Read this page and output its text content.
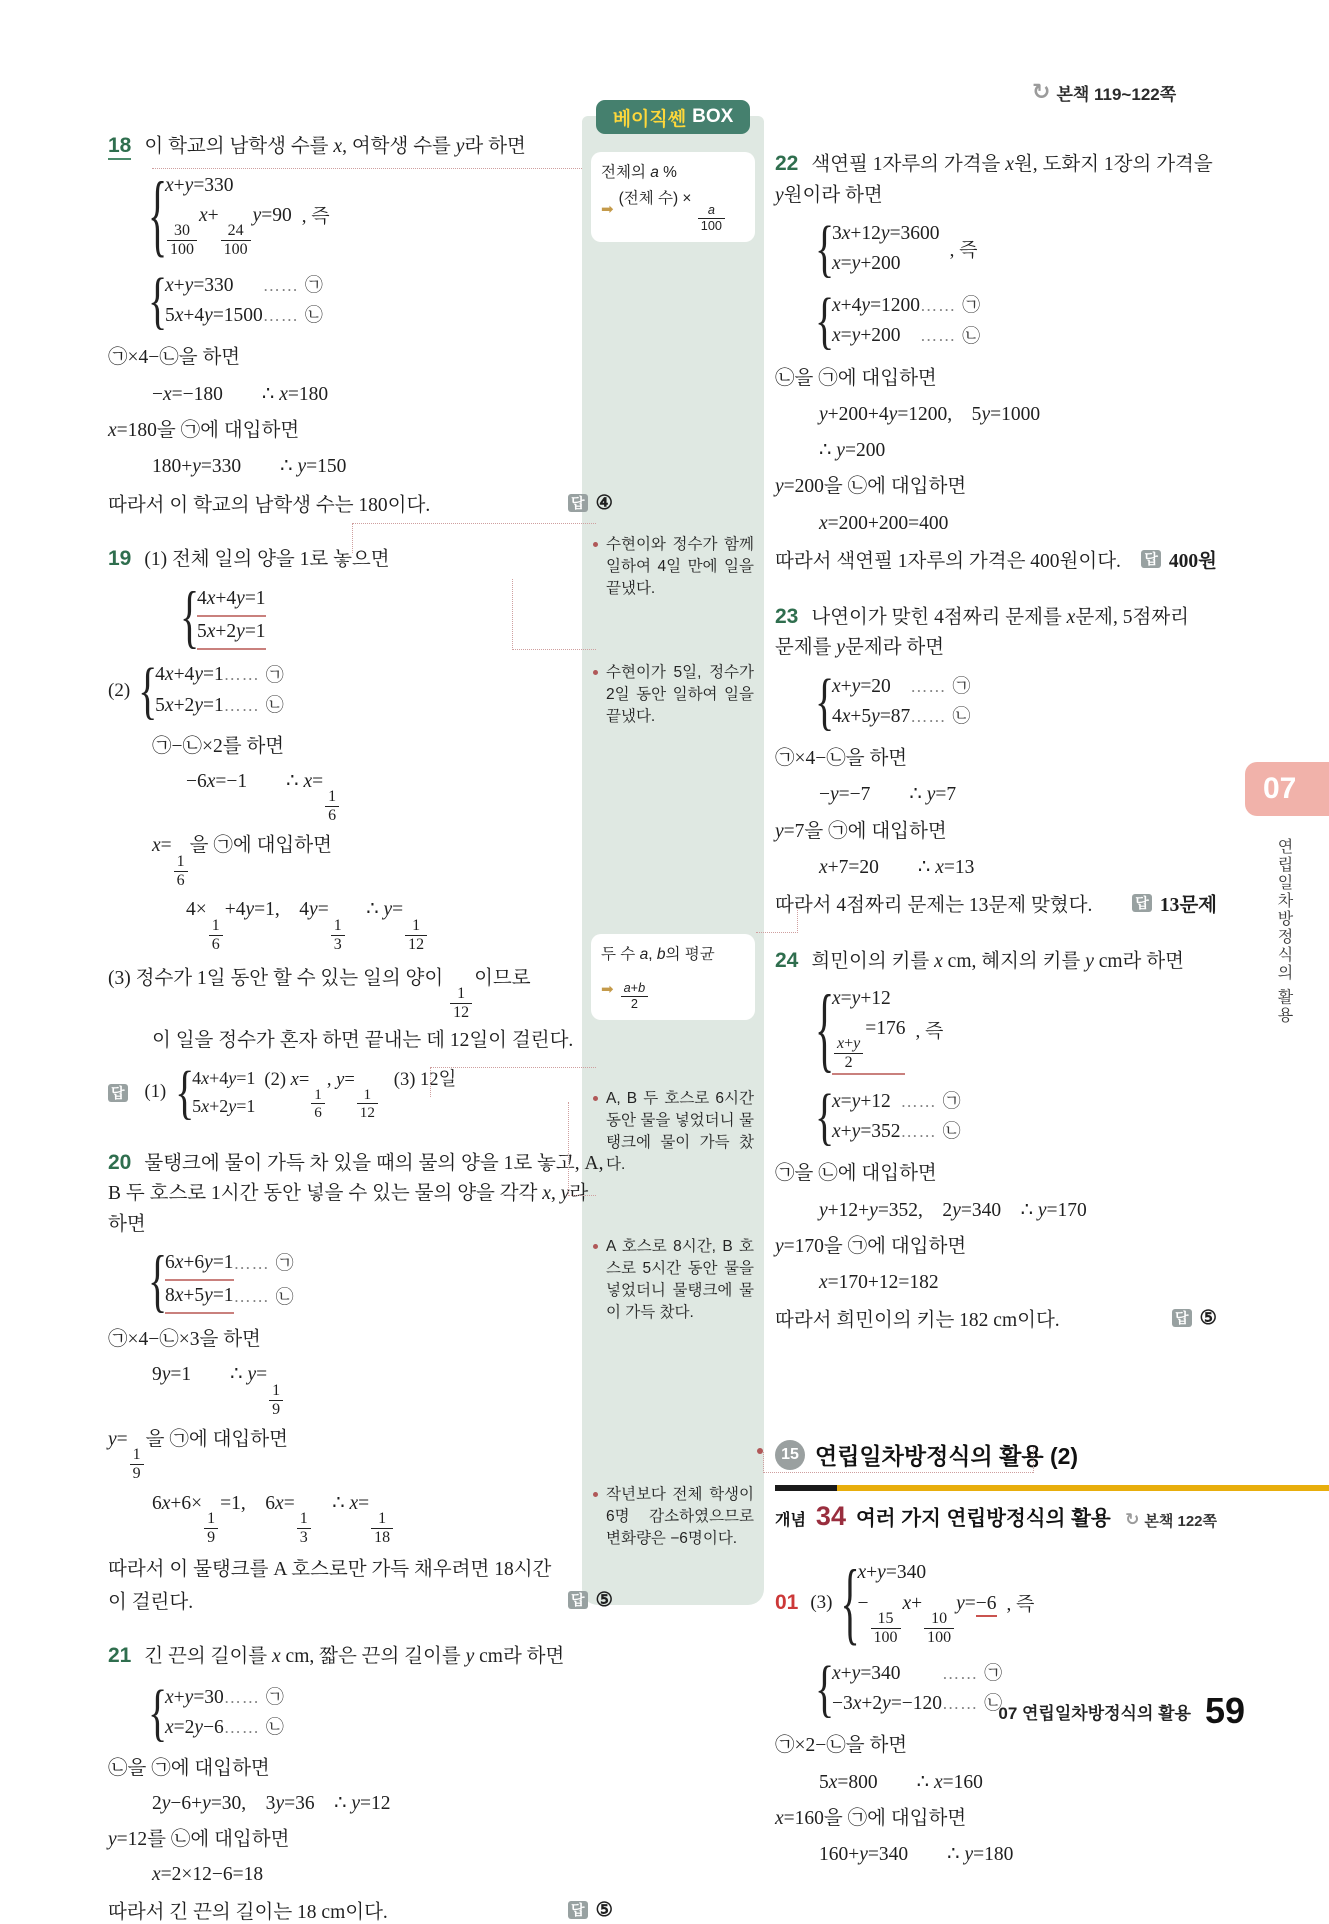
↻ 본책 119~122쪽
베이직쎈 BOX
전체의 a %
➡
(전체 수) ×
$\frac{a}{100}$
수현이와 정수가 함께 일하여 4일 만에 일을 끝냈다.
수현이가 5일, 정수가 2일 동안 일하여 일을 끝냈다.
두 수 a, b의 평균
➡ $\frac{a+b}{2}$
A, B 두 호스로 6시간 동안 물을 넣었더니 물탱크에 물이 가득 찼다.
A 호스로 8시간, B 호스로 5시간 동안 물을 넣었더니 물탱크에 물이 가득 찼다.
작년보다 전체 학생이 6명 감소하였으므로 변화량은 −6명이다.
18 이 학교의 남학생 수를 x, 여학생 수를 y라 하면
{
x+y=330
$\frac{30}{100}$
x+
$\frac{24}{100}$
y=90 , 즉
{
x+y=330 …… ㉠
5x+4y=1500 …… ㉡
㉠×4−㉡을 하면
−x=−180  ∴ x=180
x=180을 ㉠에 대입하면
180+y=330  ∴ y=150
따라서 이 학교의 남학생 수는 180이다.	답 ④
19 (1) 전체 일의 양을 1로 놓으면
{
4x+4y=1
5x+2y=1
(2) {
4x+4y=1 …… ㉠
5x+2y=1 …… ㉡
㉠−㉡×2를 하면
−6x=−1  ∴ x=
$\frac{1}{6}$
x=
$\frac{1}{6}$
을 ㉠에 대입하면
4×
$\frac{1}{6}$
+4y=1,  4y=
$\frac{1}{3}$
 ∴ y=
$\frac{1}{12}$
(3) 정수가 1일 동안 할 수 있는 일의 양이
$\frac{1}{12}$
이므로
이 일을 정수가 혼자 하면 끝내는 데 12일이 걸린다.
답 (1) {
4x+4y=1
5x+2y=1
(2) x=
$\frac{1}{6}$
, y=
$\frac{1}{12}$
  (3) 12일
20 물탱크에 물이 가득 차 있을 때의 물의 양을 1로 놓고, A, B 두 호스로 1시간 동안 넣을 수 있는 물의 양을 각각 x, y라 하면
{
6x+6y=1 …… ㉠
8x+5y=1 …… ㉡
㉠×4−㉡×3을 하면
9y=1  ∴ y=
$\frac{1}{9}$
y=
$\frac{1}{9}$
을 ㉠에 대입하면
6x+6×
$\frac{1}{9}$
=1,  6x=
$\frac{1}{3}$
 ∴ x=
$\frac{1}{18}$
따라서 이 물탱크를 A 호스로만 가득 채우려면 18시간
이 걸린다.	답 ⑤
21 긴 끈의 길이를 x cm, 짧은 끈의 길이를 y cm라 하면
{
x+y=30 …… ㉠
x=2y−6 …… ㉡
㉡을 ㉠에 대입하면
2y−6+y=30,  3y=36 ∴ y=12
y=12를 ㉡에 대입하면
x=2×12−6=18
따라서 긴 끈의 길이는 18 cm이다.	답 ⑤
22 색연필 1자루의 가격을 x원, 도화지 1장의 가격을 y원이라 하면
{
3x+12y=3600
x=y+200
, 즉
{
x+4y=1200 …… ㉠
x=y+200 …… ㉡
㉡을 ㉠에 대입하면
y+200+4y=1200,  5y=1000
∴ y=200
y=200을 ㉡에 대입하면
x=200+200=400
따라서 색연필 1자루의 가격은 400원이다. 답 400원
23 나연이가 맞힌 4점짜리 문제를 x문제, 5점짜리 문제를 y문제라 하면
{
x+y=20 …… ㉠
4x+5y=87 …… ㉡
㉠×4−㉡을 하면
−y=−7  ∴ y=7
y=7을 ㉠에 대입하면
x+7=20  ∴ x=13
따라서 4점짜리 문제는 13문제 맞혔다.	답 13문제
24 희민이의 키를 x cm, 혜지의 키를 y cm라 하면
{
x=y+12
$\frac{x+y}{2}$
=176 , 즉
{
x=y+12 …… ㉠
x+y=352 …… ㉡
㉠을 ㉡에 대입하면
y+12+y=352,  2y=340 ∴ y=170
y=170을 ㉠에 대입하면
x=170+12=182
따라서 희민이의 키는 182 cm이다.	답 ⑤
15 연립일차방정식의 활용 (2)
개념 34 여러 가지 연립방정식의 활용 ↻ 본책 122쪽
01 (3) {
x+y=340
−
$\frac{15}{100}$
x+
$\frac{10}{100}$
y=−6 , 즉
{
x+y=340 …… ㉠
−3x+2y=−120 …… ㉡
㉠×2−㉡을 하면
5x=800  ∴ x=160
x=160을 ㉠에 대입하면
160+y=340  ∴ y=180
07
연립일차방정식의 활용
07 연립일차방정식의 활용 59
